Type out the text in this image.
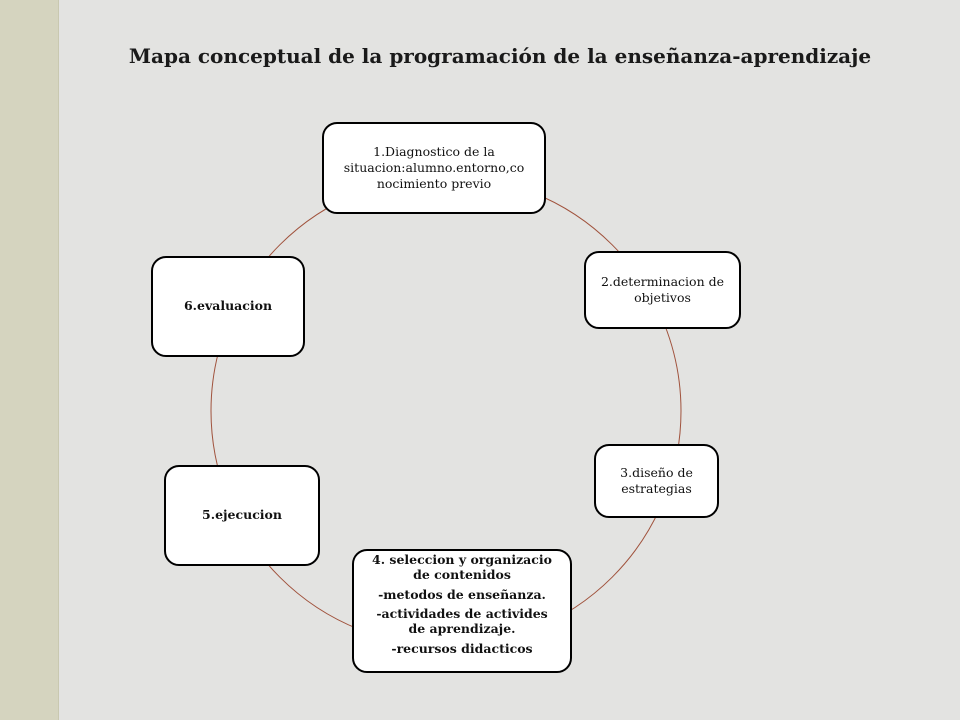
Mapa conceptual de la programación de la enseñanza-aprendizaje
1.Diagnostico de la
situacion:alumno.entorno,co
nocimiento previo
2.determinacion de
objetivos
3.diseño de
estrategias
4. seleccion y organizacio
de contenidos
-metodos de enseñanza.
-actividades de activides
de aprendizaje.
-recursos didacticos
5.ejecucion
6.evaluacion
